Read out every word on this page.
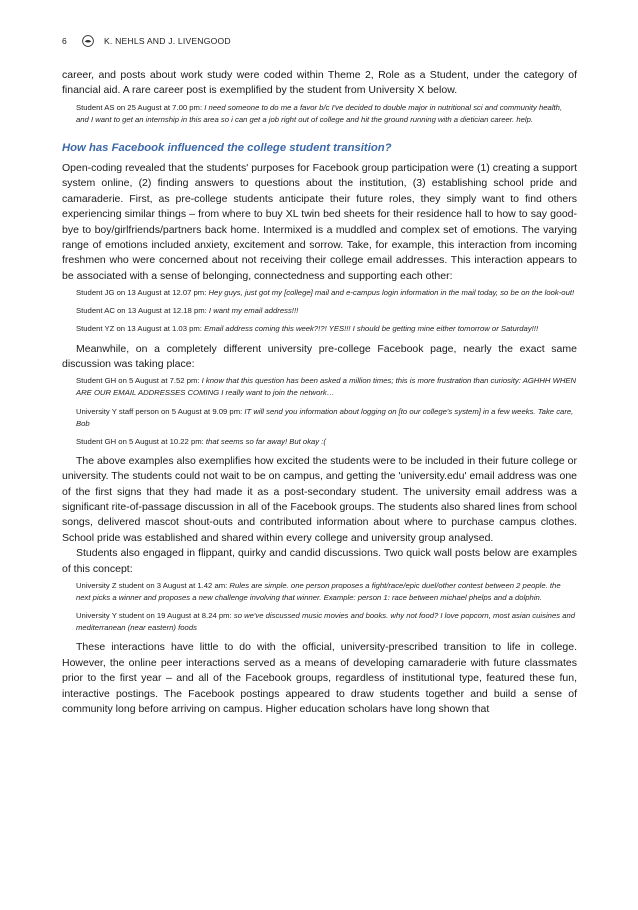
6	K. NEHLS AND J. LIVENGOOD

career, and posts about work study were coded within Theme 2, Role as a Student, under the category of financial aid. A rare career post is exemplified by the student from University X below.

Student AS on 25 August at 7.00 pm: I need someone to do me a favor b/c I've decided to double major in nutritional sci and community health, and I want to get an internship in this area so i can get a job right out of college and hit the ground running with a dietician career. help.
How has Facebook influenced the college student transition?

Open-coding revealed that the students' purposes for Facebook group participation were (1) creating a support system online, (2) finding answers to questions about the institution, (3) establishing school pride and camaraderie. First, as pre-college students anticipate their future roles, they simply want to find others experiencing similar things – from where to buy XL twin bed sheets for their residence hall to how to say good-bye to boy/girlfriends/partners back home. Intermixed is a muddled and complex set of emotions. The varying range of emotions included anxiety, excitement and sorrow. Take, for example, this interaction from incoming freshmen who were concerned about not receiving their college email addresses. This interaction appears to be associated with a sense of belonging, connectedness and supporting each other:

Student JG on 13 August at 12.07 pm: Hey guys, just got my [college] mail and e-campus login information in the mail today, so be on the look-out!
Student AC on 13 August at 12.18 pm: I want my email address!!!
Student YZ on 13 August at 1.03 pm: Email address coming this week?!?! YES!!! I should be getting mine either tomorrow or Saturday!!!

Meanwhile, on a completely different university pre-college Facebook page, nearly the exact same discussion was taking place:

Student GH on 5 August at 7.52 pm: I know that this question has been asked a million times; this is more frustration than curiosity: AGHHH WHEN ARE OUR EMAIL ADDRESSES COMING I really want to join the network…
University Y staff person on 5 August at 9.09 pm: IT will send you information about logging on [to our college's system] in a few weeks. Take care, Bob
Student GH on 5 August at 10.22 pm: that seems so far away! But okay :(

The above examples also exemplifies how excited the students were to be included in their future college or university. The students could not wait to be on campus, and getting the 'university.edu' email address was one of the first signs that they had made it as a post-secondary student. The university email address was a significant rite-of-passage discussion in all of the Facebook groups. The students also shared lines from school songs, delivered mascot shout-outs and contributed information about where to purchase campus clothes. School pride was established and shared within every college and university group analysed.

Students also engaged in flippant, quirky and candid discussions. Two quick wall posts below are examples of this concept:

University Z student on 3 August at 1.42 am: Rules are simple. one person proposes a fight/race/epic duel/other contest between 2 people. the next picks a winner and proposes a new challenge involving that winner. Example: person 1: race between michael phelps and a dolphin.
University Y student on 19 August at 8.24 pm: so we've discussed music movies and books. why not food? I love popcorn, most asian cuisines and mediterranean (near eastern) foods

These interactions have little to do with the official, university-prescribed transition to life in college. However, the online peer interactions served as a means of developing camaraderie with future classmates prior to the first year – and all of the Facebook groups, regardless of institutional type, featured these fun, interactive postings. The Facebook postings appeared to draw students together and build a sense of community long before arriving on campus. Higher education scholars have long shown that
